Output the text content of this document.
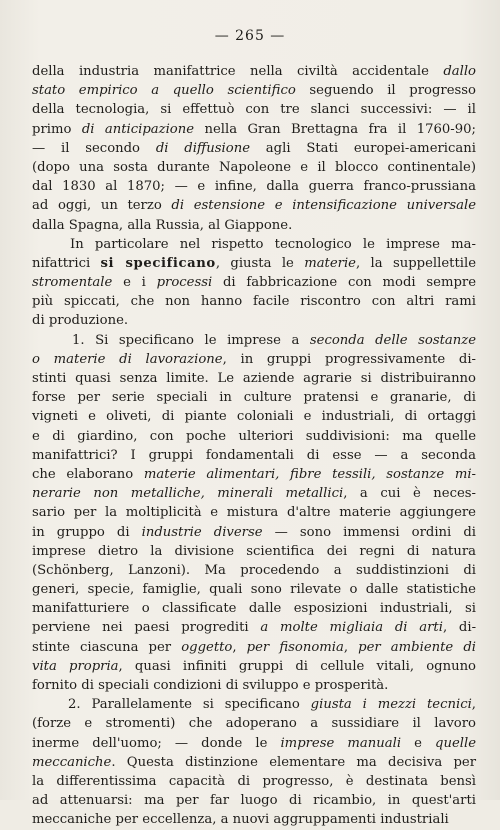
— 265 —
della industria manifattrice nella civiltà accidentale dallo
stato empirico a quello scientifico seguendo il progresso
della tecnologia, si effettuò con tre slanci successivi: — il
primo di anticipazione nella Gran Brettagna fra il 1760-90;
— il secondo di diffusione agli Stati europei-americani
(dopo una sosta durante Napoleone e il blocco continentale)
dal 1830 al 1870; — e infine, dalla guerra franco-prussiana
ad oggi, un terzo di estensione e intensificazione universale
dalla Spagna, alla Russia, al Giappone.
In particolare nel rispetto tecnologico le imprese ma-
nifattrici si specificano, giusta le materie, la suppellettile
stromentale e i processi di fabbricazione con modi sempre
più spiccati, che non hanno facile riscontro con altri rami
di produzione.
1. Si specificano le imprese a seconda delle sostanze
o materie di lavorazione, in gruppi progressivamente di-
stinti quasi senza limite. Le aziende agrarie si distribuiranno
forse per serie speciali in culture pratensi e granarie, di
vigneti e oliveti, di piante coloniali e industriali, di ortaggi
e di giardino, con poche ulteriori suddivisioni: ma quelle
manifattrici? I gruppi fondamentali di esse — a seconda
che elaborano materie alimentari, fibre tessili, sostanze mi-
nerarie non metalliche, minerali metallici, a cui è neces-
sario per la moltiplicità e mistura d'altre materie aggiungere
in gruppo di industrie diverse — sono immensi ordini di
imprese dietro la divisione scientifica dei regni di natura
(Schönberg, Lanzoni). Ma procedendo a suddistinzioni di
generi, specie, famiglie, quali sono rilevate o dalle statistiche
manifatturiere o classificate dalle esposizioni industriali, si
perviene nei paesi progrediti a molte migliaia di arti, di-
stinte ciascuna per oggetto, per fisonomia, per ambiente di
vita propria, quasi infiniti gruppi di cellule vitali, ognuno
fornito di speciali condizioni di sviluppo e prosperità.
2. Parallelamente si specificano giusta i mezzi tecnici,
(forze e stromenti) che adoperano a sussidiare il lavoro
inerme dell'uomo; — donde le imprese manuali e quelle
meccaniche. Questa distinzione elementare ma decisiva per
la differentissima capacità di progresso, è destinata bensì
ad attenuarsi: ma per far luogo di ricambio, in quest'arti
meccaniche per eccellenza, a nuovi aggruppamenti industriali
